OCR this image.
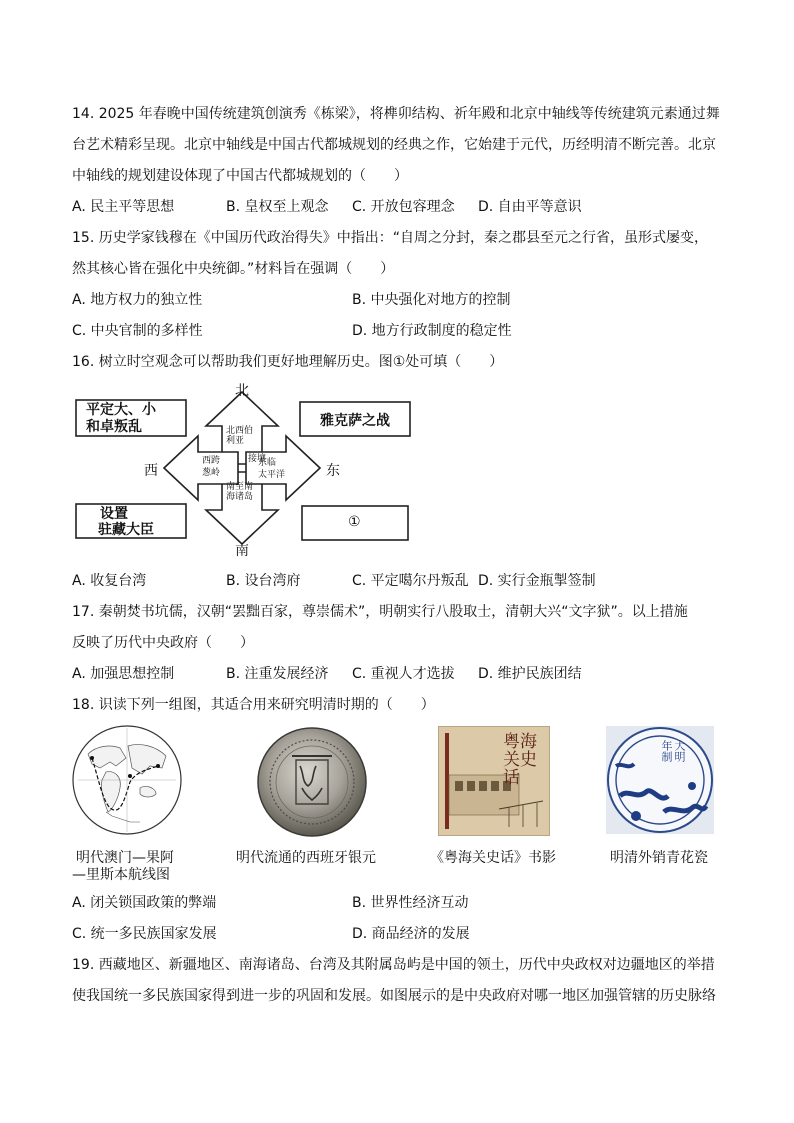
14. 2025 年春晚中国传统建筑创演秀《栋梁》，将榫卯结构、祈年殿和北京中轴线等传统建筑元素通过舞
台艺术精彩呈现。北京中轴线是中国古代都城规划的经典之作，它始建于元代，历经明清不断完善。北京
中轴线的规划建设体现了中国古代都城规划的（　　）
A. 民主平等思想	B. 皇权至上观念 C. 开放包容理念 D. 自由平等意识
15. 历史学家钱穆在《中国历代政治得失》中指出：“自周之分封，秦之郡县至元之行省，虽形式屡变，
然其核心皆在强化中央统御。”材料旨在强调（　　）
A. 地方权力的独立性	B. 中央强化对地方的控制
C. 中央官制的多样性	D. 地方行政制度的稳定性
16. 树立时空观念可以帮助我们更好地理解历史。图①处可填（　　）
北
南
西	东
平定大、小
和卓叛乱	雅克萨之战
设置
驻藏大臣	①
北西伯利亚
接壤
西跨
葱岭
东临
太平洋
南至南海诸岛
A. 收复台湾	B. 设台湾府	C. 平定噶尔丹叛乱 D. 实行金瓶掣签制
17. 秦朝焚书坑儒，汉朝“罢黜百家，尊崇儒术”，明朝实行八股取士，清朝大兴“文字狱”。以上措施
反映了历代中央政府（　　）
A. 加强思想控制	B. 注重发展经济 C. 重视人才选拔 D. 维护民族团结
18. 识读下列一组图，其适合用来研究明清时期的（　　）
粤海关史话
大明年制
明代澳门—果阿
—里斯本航线图
明代流通的西班牙银元	《粤海关史话》书影	明清外销青花瓷
A. 闭关锁国政策的弊端	B. 世界性经济互动
C. 统一多民族国家发展	D. 商品经济的发展
19. 西藏地区、新疆地区、南海诸岛、台湾及其附属岛屿是中国的领土，历代中央政权对边疆地区的举措
使我国统一多民族国家得到进一步的巩固和发展。如图展示的是中央政府对哪一地区加强管辖的历史脉络
